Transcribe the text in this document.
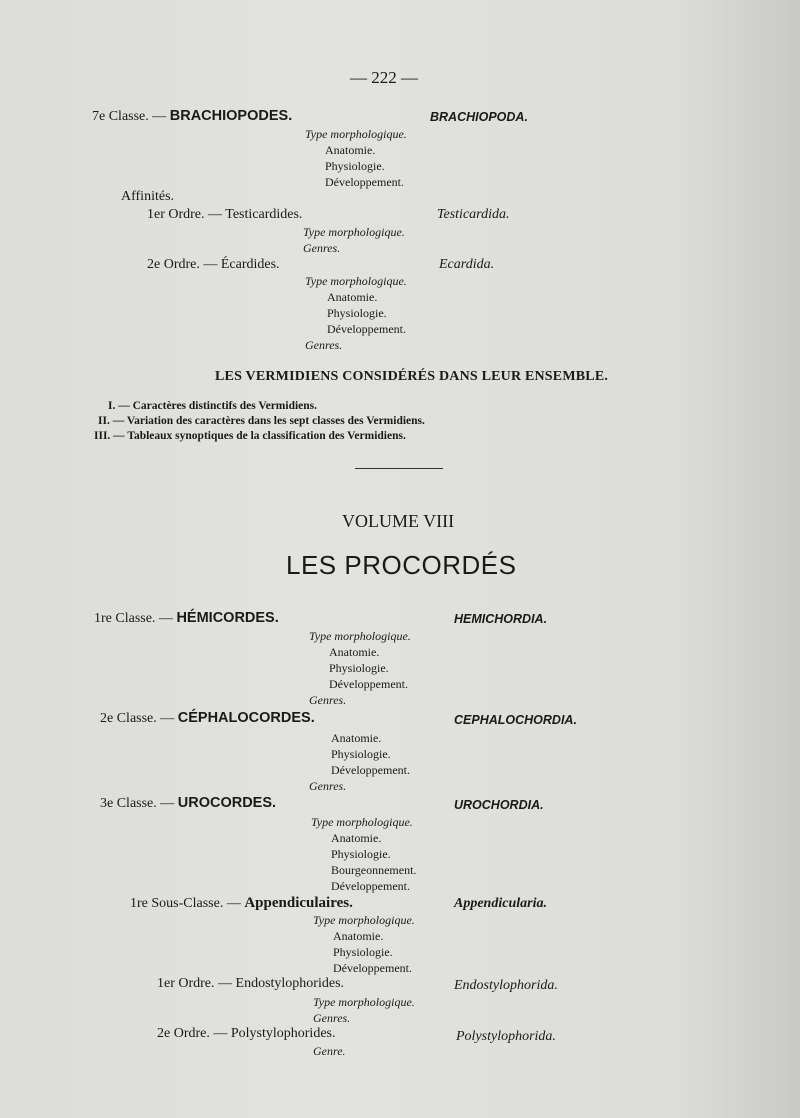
— 222 —
7e Classe. — BRACHIOPODES.	BRACHIOPODA.
Type morphologique.
Anatomie.
Physiologie.
Développement.
Affinités.
1er Ordre. — Testicardides.	Testicardida.
Type morphologique.
Genres.
2e Ordre. — Écardides.	Ecardida.
Type morphologique.
Anatomie.
Physiologie.
Développement.
Genres.
LES VERMIDIENS CONSIDÉRÉS DANS LEUR ENSEMBLE.
I. — Caractères distinctifs des Vermidiens.
II. — Variation des caractères dans les sept classes des Vermidiens.
III. — Tableaux synoptiques de la classification des Vermidiens.
VOLUME VIII
LES PROCORDÉS
1re Classe. — HÉMICORDES.	HEMICHORDIA.
Type morphologique.
Anatomie.
Physiologie.
Développement.
Genres.
2e Classe. — CÉPHALOCORDES.	CEPHALOCHORDIA.
Anatomie.
Physiologie.
Développement.
Genres.
3e Classe. — UROCORDES.	UROCHORDIA.
Type morphologique.
Anatomie.
Physiologie.
Bourgeonnement.
Développement.
1re Sous-Classe. — Appendiculaires.	Appendicularia.
Type morphologique.
Anatomie.
Physiologie.
Développement.
1er Ordre. — Endostylophorides.	Endostylophorida.
Type morphologique.
Genres.
2e Ordre. — Polystylophorides.	Polystylophorida.
Genre.
